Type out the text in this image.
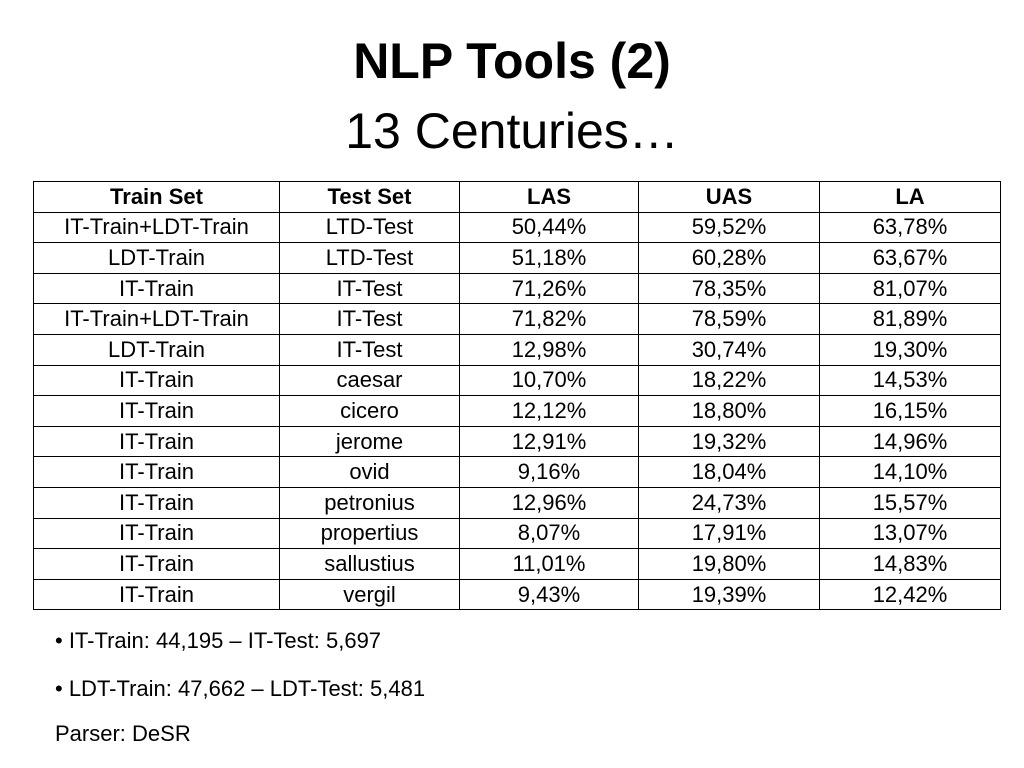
NLP Tools (2)
13 Centuries…
Train Set	Test Set	LAS	UAS	LA
IT-Train+LDT-Train	LTD-Test	50,44%	59,52%	63,78%
LDT-Train	LTD-Test	51,18%	60,28%	63,67%
IT-Train	IT-Test	71,26%	78,35%	81,07%
IT-Train+LDT-Train	IT-Test	71,82%	78,59%	81,89%
LDT-Train	IT-Test	12,98%	30,74%	19,30%
IT-Train	caesar	10,70%	18,22%	14,53%
IT-Train	cicero	12,12%	18,80%	16,15%
IT-Train	jerome	12,91%	19,32%	14,96%
IT-Train	ovid	9,16%	18,04%	14,10%
IT-Train	petronius	12,96%	24,73%	15,57%
IT-Train	propertius	8,07%	17,91%	13,07%
IT-Train	sallustius	11,01%	19,80%	14,83%
IT-Train	vergil	9,43%	19,39%	12,42%
• IT-Train: 44,195 – IT-Test: 5,697
• LDT-Train: 47,662 – LDT-Test: 5,481
Parser: DeSR
